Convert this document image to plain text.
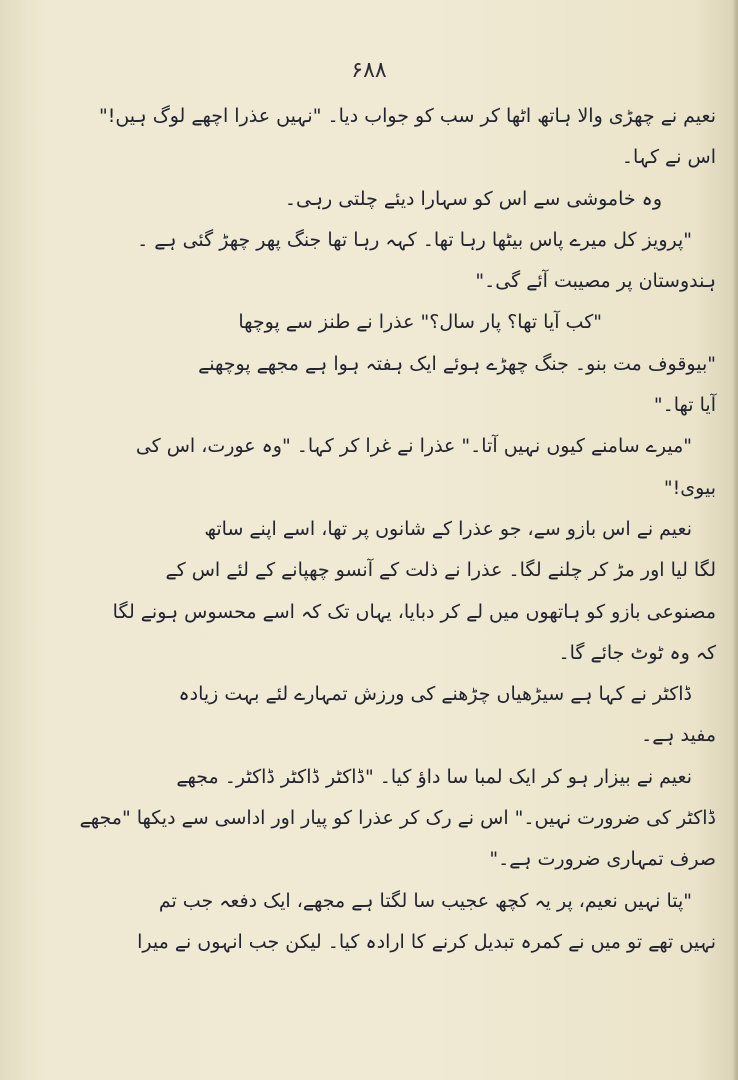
۶۸۸
نعیم نے چھڑی والا ہاتھ اٹھا کر سب کو جواب دیا۔ "نہیں عذرا اچھے لوگ ہیں!"
اس نے کہا۔
وہ خاموشی سے اس کو سہارا دیئے چلتی رہی۔
"پرویز کل میرے پاس بیٹھا رہا تھا۔ کہہ رہا تھا جنگ پھر چھڑ گئی ہے ۔
ہندوستان پر مصیبت آئے گی۔"
"کب آیا تھا؟ پار سال؟" عذرا نے طنز سے پوچھا
"بیوقوف مت بنو۔ جنگ چھڑے ہوئے ایک ہفتہ ہوا ہے مجھے پوچھنے
آیا تھا۔"
"میرے سامنے کیوں نہیں آتا۔" عذرا نے غرا کر کہا۔ "وہ عورت، اس کی
بیوی!"
نعیم نے اس بازو سے، جو عذرا کے شانوں پر تھا، اسے اپنے ساتھ
لگا لیا اور مڑ کر چلنے لگا۔ عذرا نے ذلت کے آنسو چھپانے کے لئے اس کے
مصنوعی بازو کو ہاتھوں میں لے کر دبایا، یہاں تک کہ اسے محسوس ہونے لگا
کہ وہ ٹوٹ جائے گا۔
ڈاکٹر نے کہا ہے سیڑھیاں چڑھنے کی ورزش تمہارے لئے بہت زیادہ
مفید ہے۔
نعیم نے بیزار ہو کر ایک لمبا سا داؤ کیا۔ "ڈاکٹر ڈاکٹر ڈاکٹر۔ مجھے
ڈاکٹر کی ضرورت نہیں۔" اس نے رک کر عذرا کو پیار اور اداسی سے دیکھا "مجھے
صرف تمہاری ضرورت ہے۔"
"پتا نہیں نعیم، پر یہ کچھ عجیب سا لگتا ہے مجھے، ایک دفعہ جب تم
نہیں تھے تو میں نے کمرہ تبدیل کرنے کا ارادہ کیا۔ لیکن جب انہوں نے میرا
